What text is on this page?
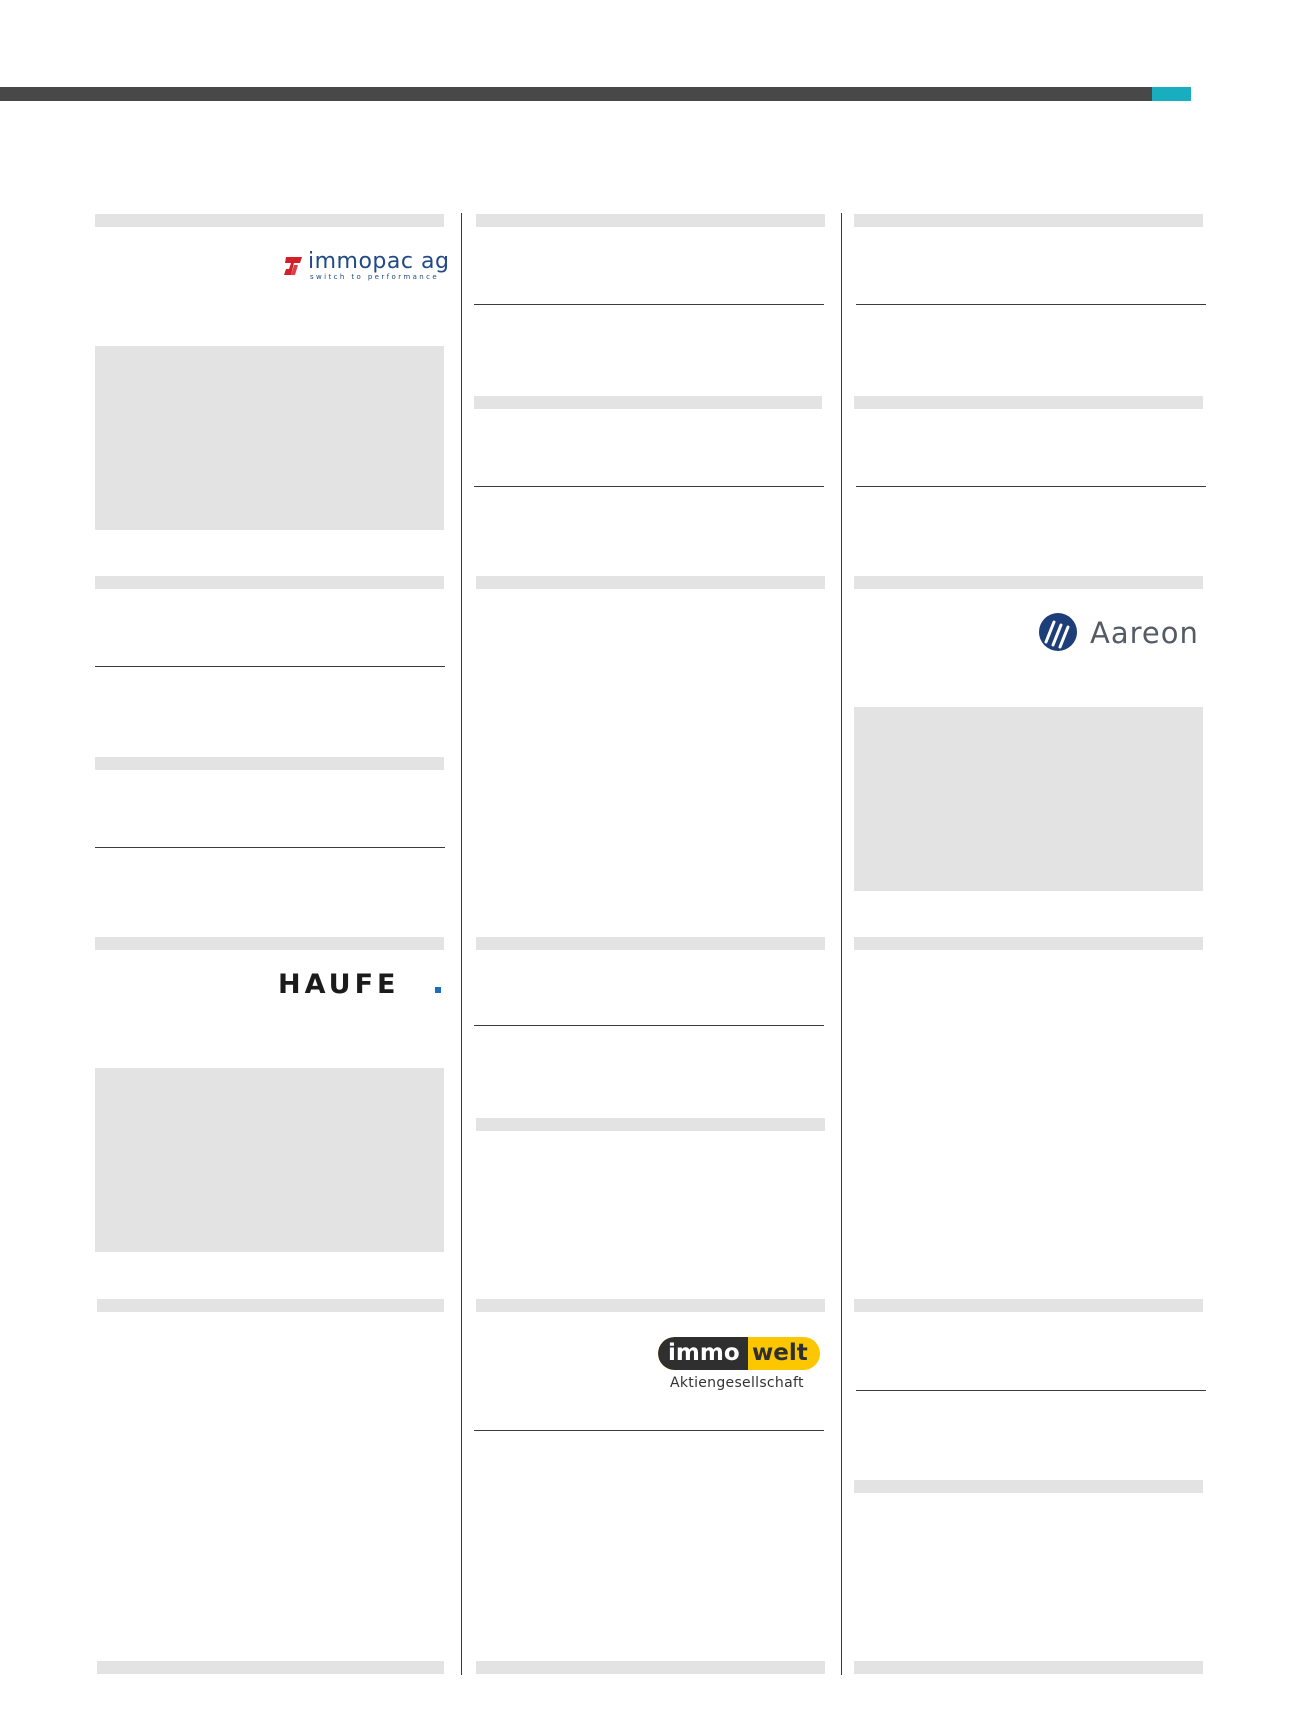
immopac ag
switch to performance
HAUFE
immo welt
Aktiengesellschaft
Aareon
